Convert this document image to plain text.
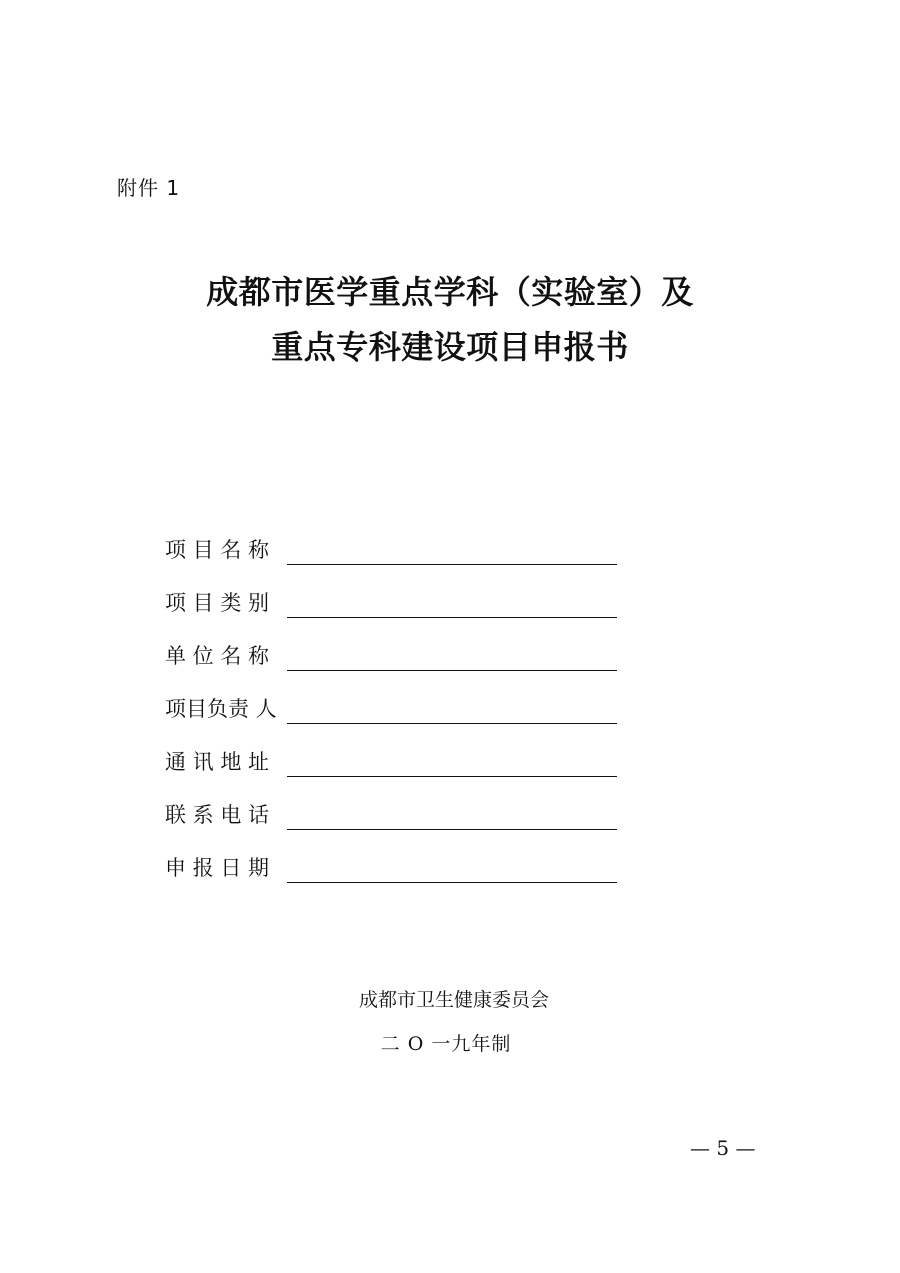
附件 1
成都市医学重点学科（实验室）及
重点专科建设项目申报书
项 目 名 称
项 目 类 别
单 位 名 称
项目负责 人
通 讯 地 址
联 系 电 话
申 报 日 期
成都市卫生健康委员会
二 O 一九年制
— 5 —
